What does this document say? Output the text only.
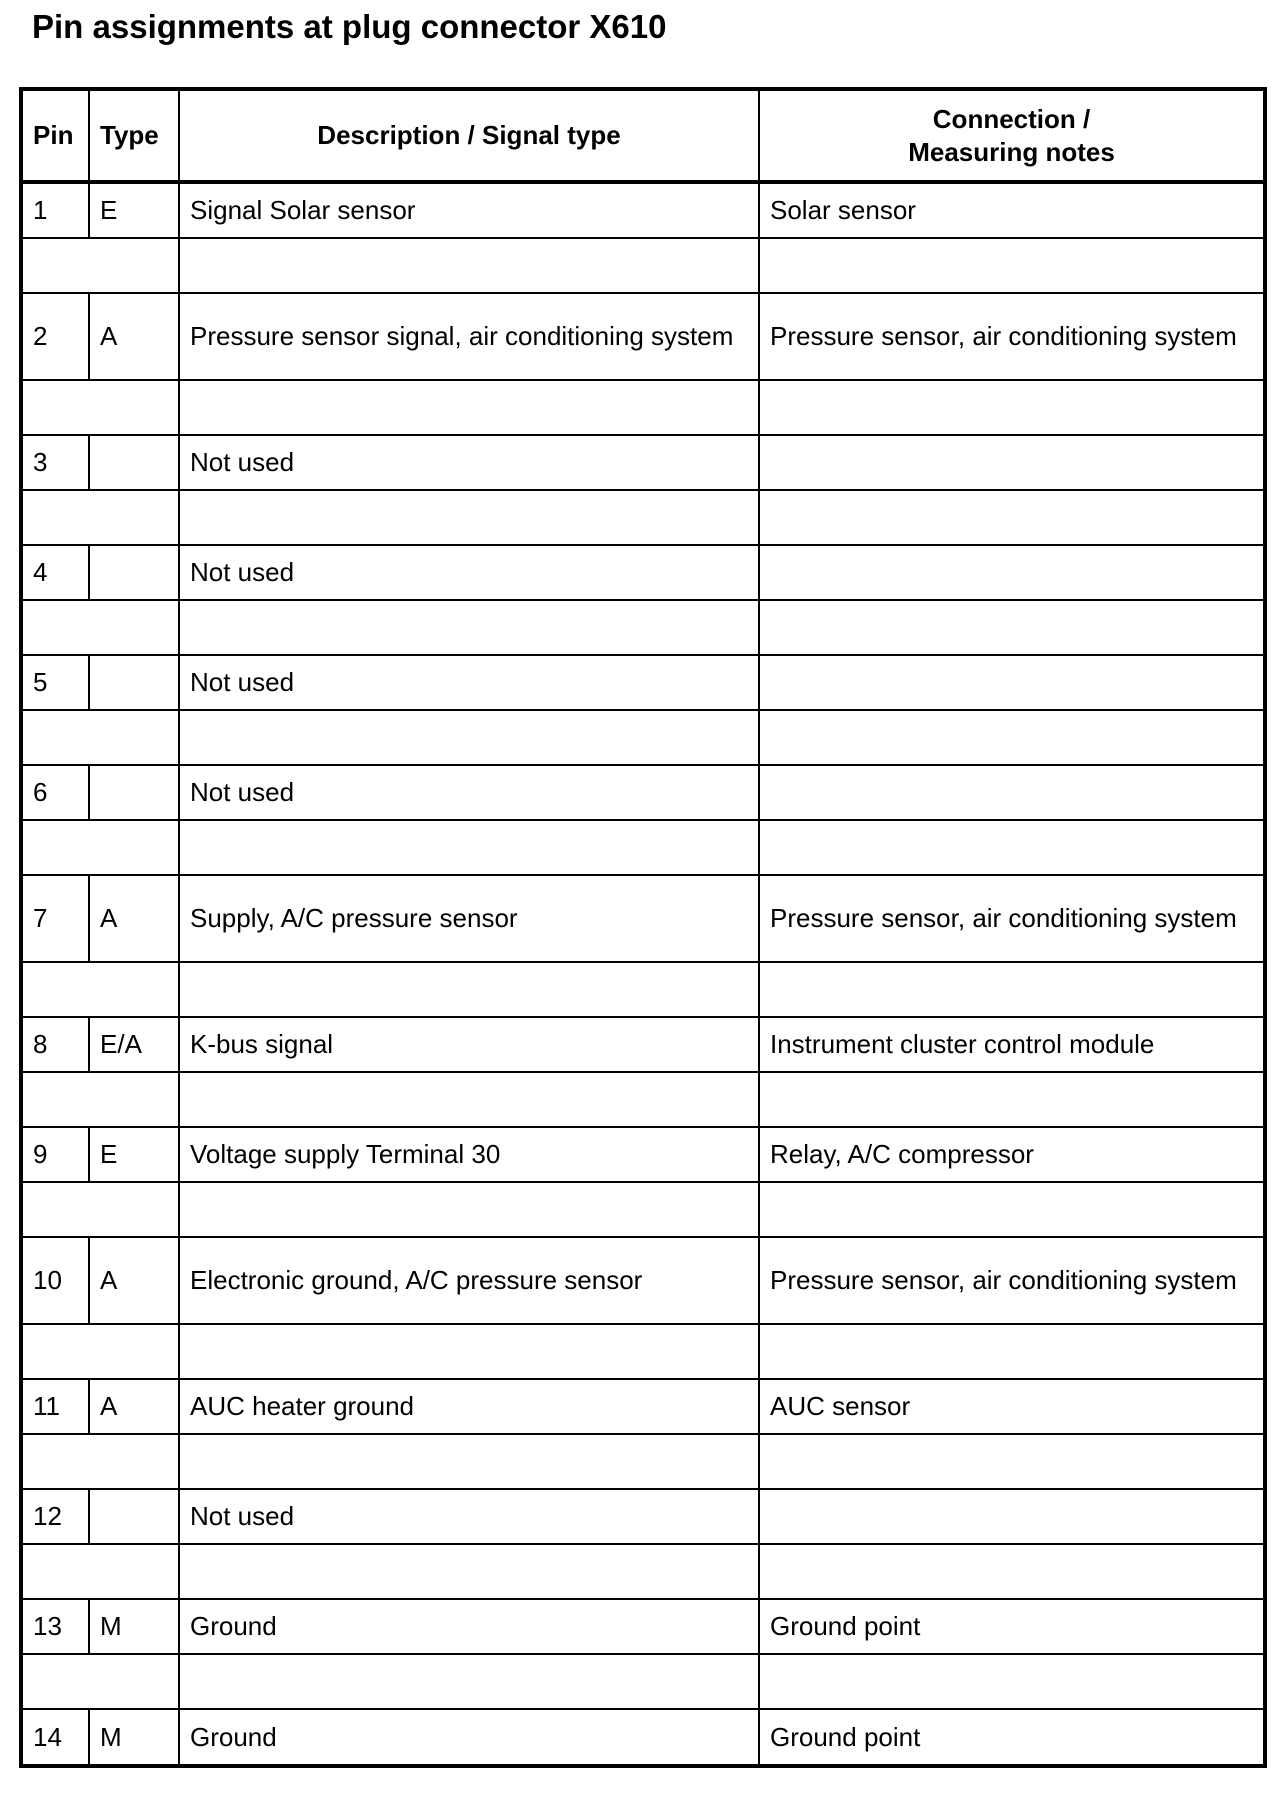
Pin assignments at plug connector X610
Pin	Type	Description / Signal type	Connection /
Measuring notes
1	E	Signal Solar sensor	Solar sensor

2	A	Pressure sensor signal, air conditioning system	Pressure sensor, air conditioning system

3		Not used	

4		Not used	

5		Not used	

6		Not used	

7	A	Supply, A/C pressure sensor	Pressure sensor, air conditioning system

8	E/A	K-bus signal	Instrument cluster control module

9	E	Voltage supply Terminal 30	Relay, A/C compressor

10	A	Electronic ground, A/C pressure sensor	Pressure sensor, air conditioning system

11	A	AUC heater ground	AUC sensor

12		Not used	

13	M	Ground	Ground point

14	M	Ground	Ground point
